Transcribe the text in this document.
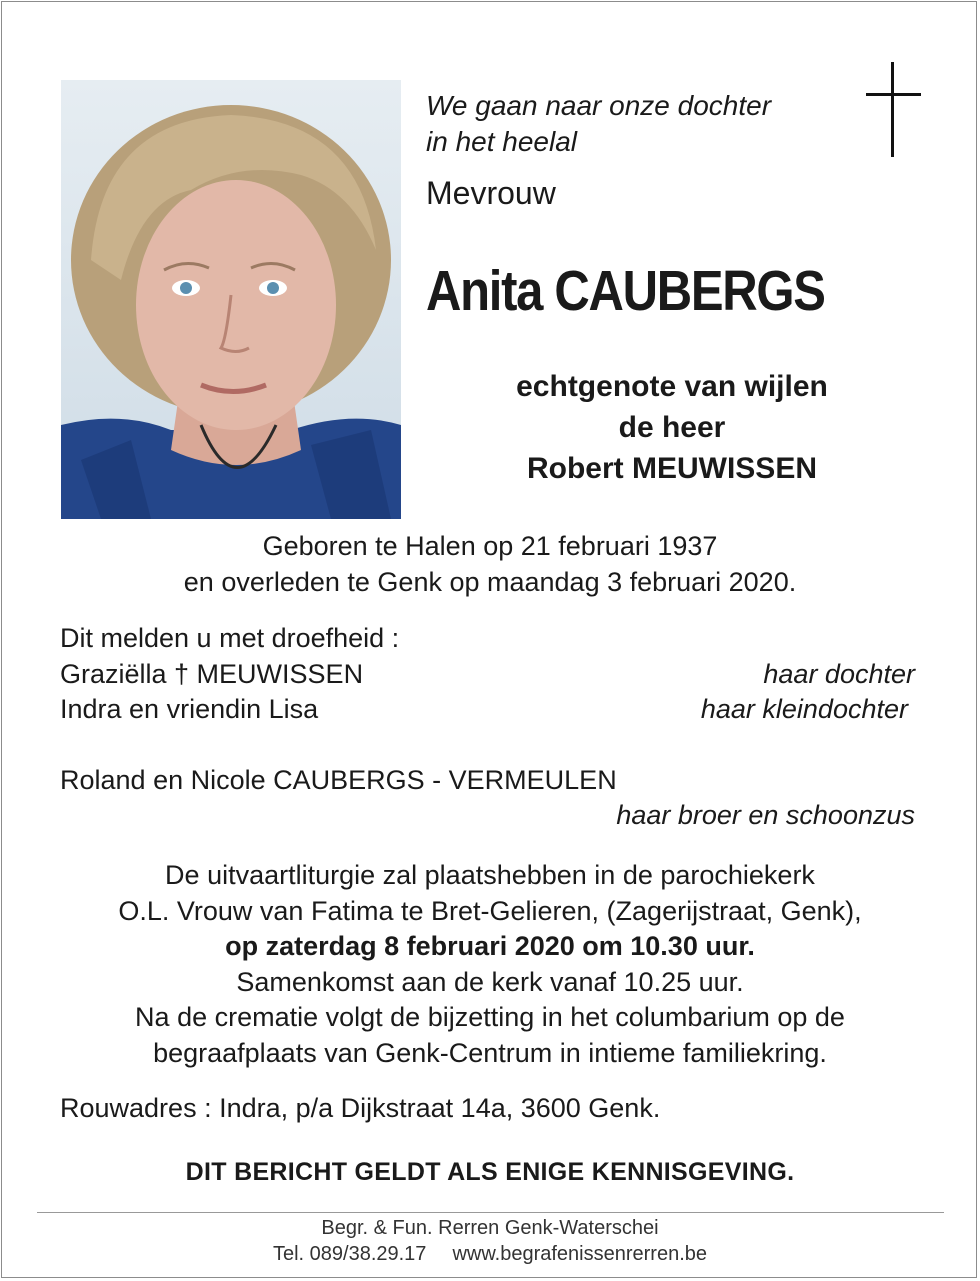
We gaan naar onze dochter
in het heelal
Mevrouw
Anita CAUBERGS
echtgenote van wijlen
de heer
Robert MEUWISSEN
Geboren te Halen op 21 februari 1937
en overleden te Genk op maandag 3 februari 2020.
Dit melden u met droefheid :
Graziëlla † MEUWISSEN	haar dochter
Indra en vriendin Lisa	haar kleindochter
Roland en Nicole CAUBERGS - VERMEULEN
haar broer en schoonzus
De uitvaartliturgie zal plaatshebben in de parochiekerk
O.L. Vrouw van Fatima te Bret-Gelieren, (Zagerijstraat, Genk),
op zaterdag 8 februari 2020 om 10.30 uur.
Samenkomst aan de kerk vanaf 10.25 uur.
Na de crematie volgt de bijzetting in het columbarium op de
begraafplaats van Genk-Centrum in intieme familiekring.
Rouwadres : Indra, p/a Dijkstraat 14a, 3600 Genk.
DIT BERICHT GELDT ALS ENIGE KENNISGEVING.
Begr. & Fun. Rerren Genk-Waterschei
Tel. 089/38.29.17 www.begrafenissenrerren.be
